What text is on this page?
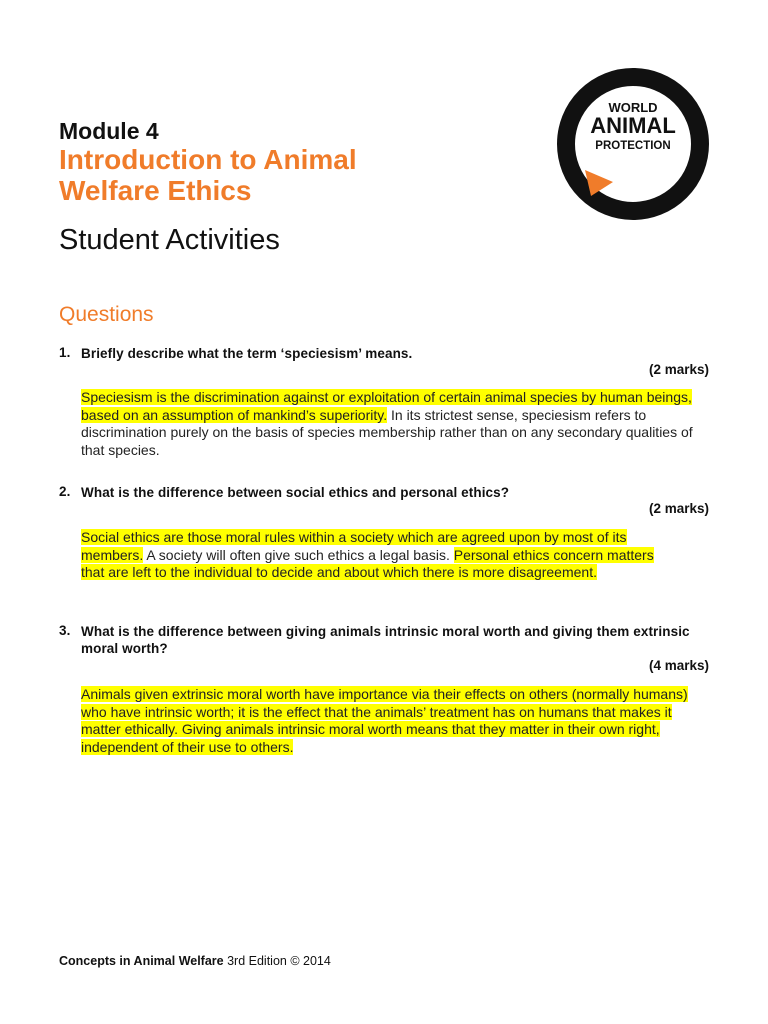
WORLD
ANIMAL
PROTECTION
Module 4
Introduction to Animal
Welfare Ethics
Student Activities
Questions
1. Briefly describe what the term ‘speciesism’ means.
(2 marks)
Speciesism is the discrimination against or exploitation of certain animal species by human beings, based on an assumption of mankind’s superiority. In its strictest sense, speciesism refers to discrimination purely on the basis of species membership rather than on any secondary qualities of that species.
2. What is the difference between social ethics and personal ethics?
(2 marks)
Social ethics are those moral rules within a society which are agreed upon by most of its members. A society will often give such ethics a legal basis. Personal ethics concern matters that are left to the individual to decide and about which there is more disagreement.
3. What is the difference between giving animals intrinsic moral worth and giving them extrinsic moral worth?
(4 marks)
Animals given extrinsic moral worth have importance via their effects on others (normally humans) who have intrinsic worth; it is the effect that the animals’ treatment has on humans that makes it matter ethically. Giving animals intrinsic moral worth means that they matter in their own right, independent of their use to others.
Concepts in Animal Welfare 3rd Edition © 2014
